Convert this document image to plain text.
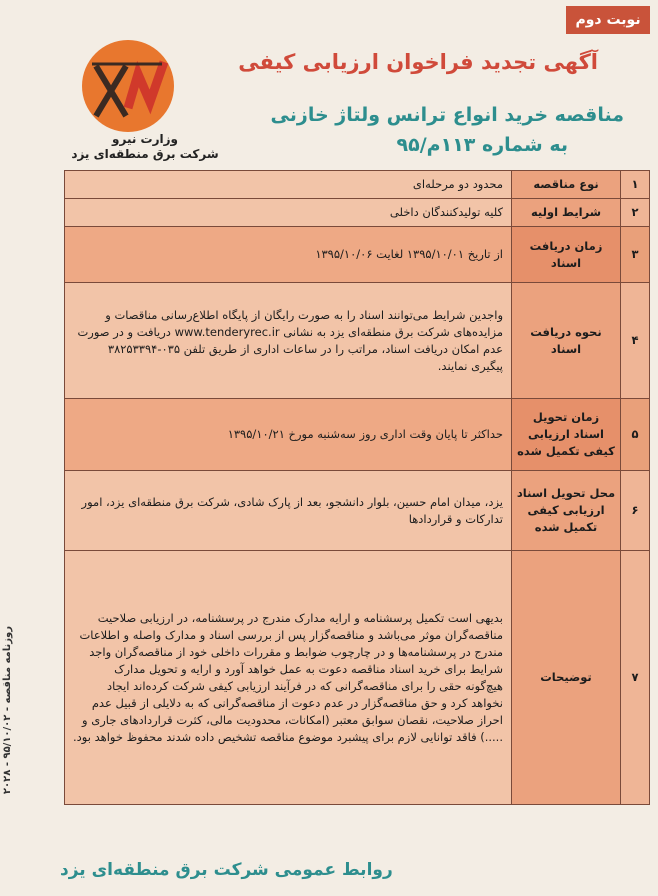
نوبت دوم
وزارت نیرو
شرکت برق منطقه‌ای یزد
آگهی تجدید فراخوان ارزیابی کیفی
مناقصه خرید انواع ترانس ولتاژ خازنی
به شماره ۱۱۳م/۹۵
۱	نوع مناقصه	محدود دو مرحله‌ای
۲	شرایط اولیه	کلیه تولیدکنندگان داخلی
۳	زمان دریافت اسناد	از تاریخ ۱۳۹۵/۱۰/۰۱ لغایت ۱۳۹۵/۱۰/۰۶
۴	نحوه دریافت اسناد	واجدین شرایط می‌توانند اسناد را به صورت رایگان از پایگاه اطلاع‌رسانی مناقصات و مزایده‌های شرکت برق منطقه‌ای یزد به نشانی www.tenderyrec.ir دریافت و در صورت عدم امکان دریافت اسناد، مراتب را در ساعات اداری از طریق تلفن ۰۳۵-۳۸۲۵۳۳۹۴ پیگیری نمایند.
۵	زمان تحویل اسناد ارزیابی کیفی تکمیل شده	حداکثر تا پایان وقت اداری روز سه‌شنبه مورخ ۱۳۹۵/۱۰/۲۱
۶	محل تحویل اسناد ارزیابی کیفی تکمیل شده	یزد، میدان امام حسین، بلوار دانشجو، بعد از پارک شادی، شرکت برق منطقه‌ای یزد، امور تدارکات و قراردادها
۷	توضیحات	بدیهی است تکمیل پرسشنامه و ارایه مدارک مندرج در پرسشنامه، در ارزیابی صلاحیت مناقصه‌گران موثر می‌باشد و مناقصه‌گزار پس از بررسی اسناد و مدارک واصله و اطلاعات مندرج در پرسشنامه‌ها و در چارچوب ضوابط و مقررات داخلی خود از مناقصه‌گران واجد شرایط برای خرید اسناد مناقصه دعوت به عمل خواهد آورد و ارایه و تحویل مدارک هیچ‌گونه حقی را برای مناقصه‌گرانی که در فرآیند ارزیابی کیفی شرکت کرده‌اند ایجاد نخواهد کرد و حق مناقصه‌گزار در عدم دعوت از مناقصه‌گرانی که به دلایلی از قبیل عدم احراز صلاحیت، نقصان سوابق معتبر (امکانات، محدودیت مالی، کثرت قراردادهای جاری و .....) فاقد توانایی لازم برای پیشبرد موضوع مناقصه تشخیص داده شدند محفوظ خواهد بود.
روزنامه مناقصه - ۹۵/۱۰/۰۲ - ۲۰۲۸
روابط عمومی شرکت برق منطقه‌ای یزد
